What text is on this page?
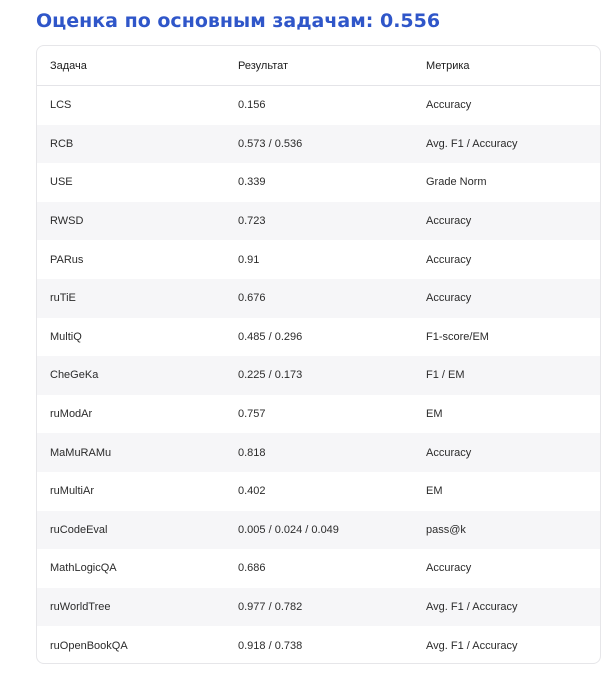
Оценка по основным задачам: 0.556
Задача	Результат	Метрика
LCS	0.156	Accuracy
RCB	0.573 / 0.536	Avg. F1 / Accuracy
USE	0.339	Grade Norm
RWSD	0.723	Accuracy
PARus	0.91	Accuracy
ruTiE	0.676	Accuracy
MultiQ	0.485 / 0.296	F1-score/EM
CheGeKa	0.225 / 0.173	F1 / EM
ruModAr	0.757	EM
MaMuRAMu	0.818	Accuracy
ruMultiAr	0.402	EM
ruCodeEval	0.005 / 0.024 / 0.049	pass@k
MathLogicQA	0.686	Accuracy
ruWorldTree	0.977 / 0.782	Avg. F1 / Accuracy
ruOpenBookQA	0.918 / 0.738	Avg. F1 / Accuracy
